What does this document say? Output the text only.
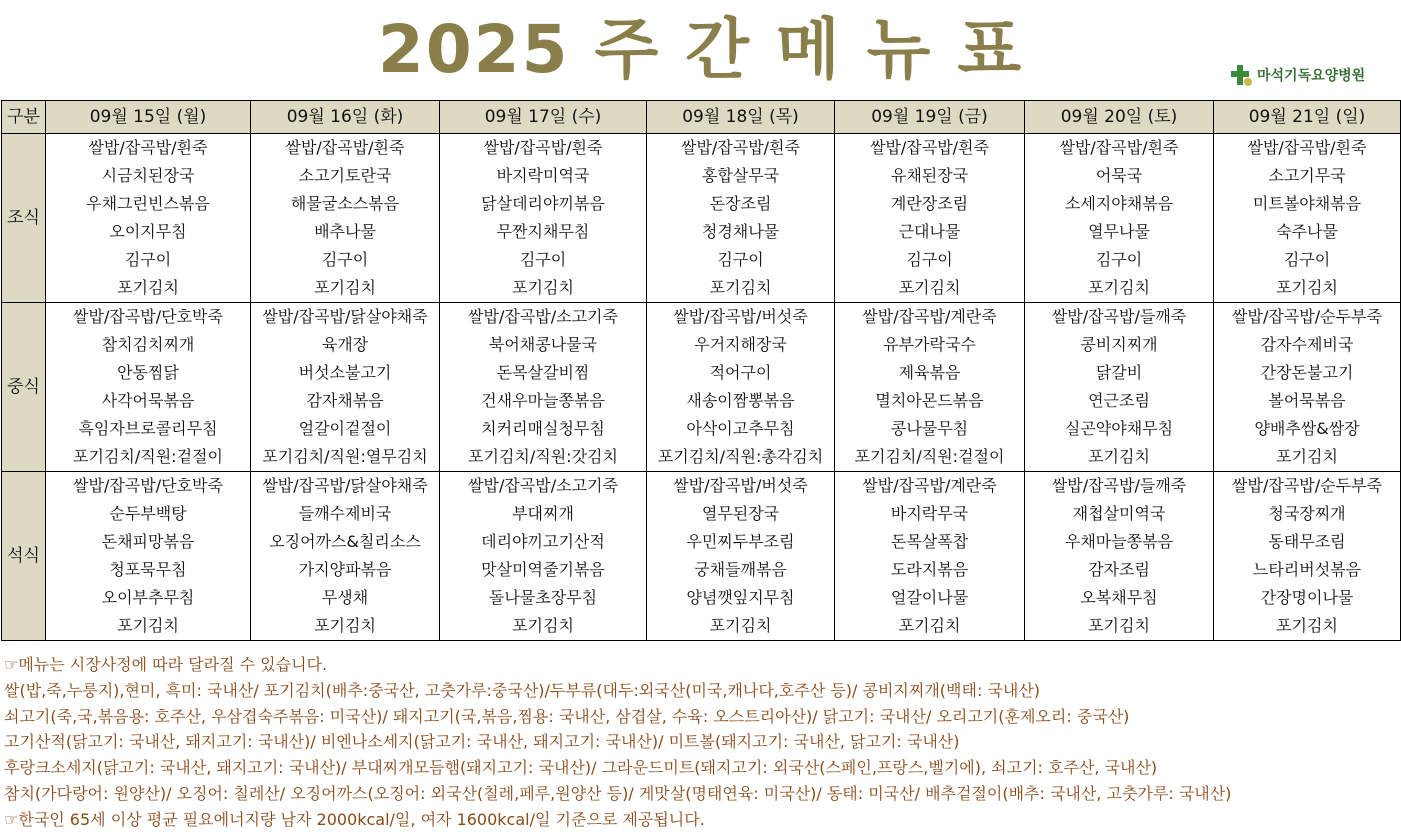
2025 주 간 메 뉴 표	마석기독요양병원
구분	09월 15일 (월)	09월 16일 (화)	09월 17일 (수)	09월 18일 (목)	09월 19일 (금)	09월 20일 (토)	09월 21일 (일)
조식	쌀밥/잡곡밥/흰죽	쌀밥/잡곡밥/흰죽	쌀밥/잡곡밥/흰죽	쌀밥/잡곡밥/흰죽	쌀밥/잡곡밥/흰죽	쌀밥/잡곡밥/흰죽	쌀밥/잡곡밥/흰죽
	시금치된장국	소고기토란국	바지락미역국	홍합살무국	유채된장국	어묵국	소고기무국
	우채그린빈스볶음	해물굴소스볶음	닭살데리야끼볶음	돈장조림	계란장조림	소세지야채볶음	미트볼야채볶음
	오이지무침	배추나물	무짠지채무침	청경채나물	근대나물	열무나물	숙주나물
	김구이	김구이	김구이	김구이	김구이	김구이	김구이
	포기김치	포기김치	포기김치	포기김치	포기김치	포기김치	포기김치
중식	쌀밥/잡곡밥/단호박죽	쌀밥/잡곡밥/닭살야채죽	쌀밥/잡곡밥/소고기죽	쌀밥/잡곡밥/버섯죽	쌀밥/잡곡밥/계란죽	쌀밥/잡곡밥/들깨죽	쌀밥/잡곡밥/순두부죽
	참치김치찌개	육개장	북어채콩나물국	우거지해장국	유부가락국수	콩비지찌개	감자수제비국
	안동찜닭	버섯소불고기	돈목살갈비찜	적어구이	제육볶음	닭갈비	간장돈불고기
	사각어묵볶음	감자채볶음	건새우마늘쫑볶음	새송이짬뽕볶음	멸치아몬드볶음	연근조림	볼어묵볶음
	흑임자브로콜리무침	얼갈이겉절이	치커리매실청무침	아삭이고추무침	콩나물무침	실곤약야채무침	양배추쌈&쌈장
	포기김치/직원:겉절이	포기김치/직원:열무김치	포기김치/직원:갓김치	포기김치/직원:총각김치	포기김치/직원:겉절이	포기김치	포기김치
석식	쌀밥/잡곡밥/단호박죽	쌀밥/잡곡밥/닭살야채죽	쌀밥/잡곡밥/소고기죽	쌀밥/잡곡밥/버섯죽	쌀밥/잡곡밥/계란죽	쌀밥/잡곡밥/들깨죽	쌀밥/잡곡밥/순두부죽
	순두부백탕	들깨수제비국	부대찌개	열무된장국	바지락무국	재첩살미역국	청국장찌개
	돈채피망볶음	오징어까스&칠리소스	데리야끼고기산적	우민찌두부조림	돈목살폭찹	우채마늘쫑볶음	동태무조림
	청포묵무침	가지양파볶음	맛살미역줄기볶음	궁채들깨볶음	도라지볶음	감자조림	느타리버섯볶음
	오이부추무침	무생채	돌나물초장무침	양념깻잎지무침	얼갈이나물	오복채무침	간장명이나물
	포기김치	포기김치	포기김치	포기김치	포기김치	포기김치	포기김치
☞메뉴는 시장사정에 따라 달라질 수 있습니다.
쌀(밥,죽,누룽지),현미, 흑미: 국내산/ 포기김치(배추:중국산, 고춧가루:중국산)/두부류(대두:외국산(미국,캐나다,호주산 등)/ 콩비지찌개(백태: 국내산)
쇠고기(죽,국,볶음용: 호주산, 우삼겹숙주볶음: 미국산)/ 돼지고기(국,볶음,찜용: 국내산, 삼겹살, 수육: 오스트리아산)/ 닭고기: 국내산/ 오리고기(훈제오리: 중국산)
고기산적(닭고기: 국내산, 돼지고기: 국내산)/ 비엔나소세지(닭고기: 국내산, 돼지고기: 국내산)/ 미트볼(돼지고기: 국내산, 닭고기: 국내산)
후랑크소세지(닭고기: 국내산, 돼지고기: 국내산)/ 부대찌개모듬햄(돼지고기: 국내산)/ 그라운드미트(돼지고기: 외국산(스페인,프랑스,벨기에), 쇠고기: 호주산, 국내산)
참치(가다랑어: 원양산)/ 오징어: 칠레산/ 오징어까스(오징어: 외국산(칠레,페루,원양산 등)/ 게맛살(명태연육: 미국산)/ 동태: 미국산/ 배추겉절이(배추: 국내산, 고춧가루: 국내산)
☞한국인 65세 이상 평균 필요에너지량 남자 2000kcal/일, 여자 1600kcal/일 기준으로 제공됩니다.
